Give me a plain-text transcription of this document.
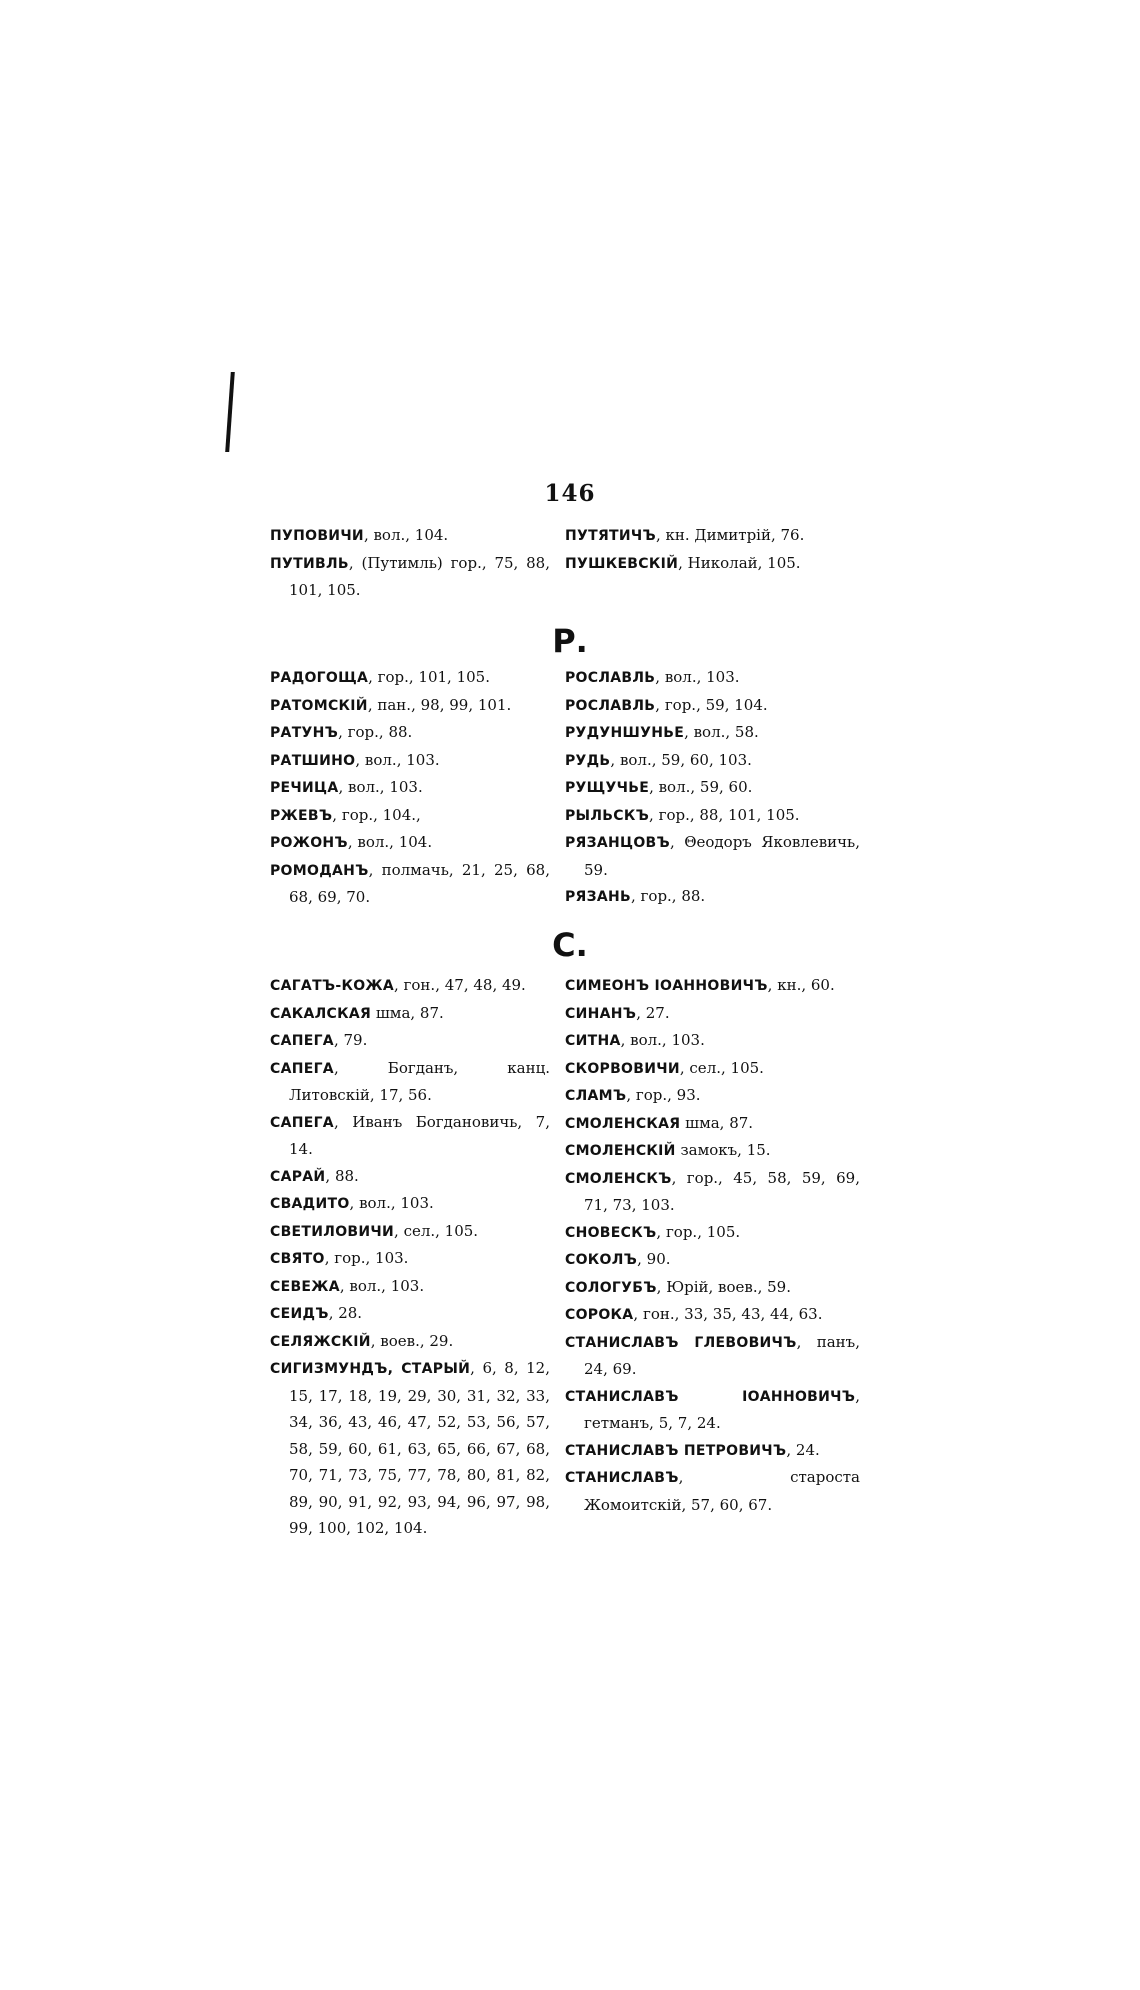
146

ПУПОВИЧИ, вол., 104.

ПУТИВЛЬ, (Путимль) гор., 75, 88, 101, 105.

ПУТЯТИЧЪ, кн. Димитрій, 76.

ПУШКЕВСКІЙ, Николай, 105.

Р.

РАДОГОЩА, гор., 101, 105.

РАТОМСКІЙ, пан., 98, 99, 101.

РАТУНЪ, гор., 88.

РАТШИНО, вол., 103.

РЕЧИЦА, вол., 103.

РЖЕВЪ, гор., 104.,

РОЖОНЪ, вол., 104.

РОМОДАНЪ, полмачь, 21, 25, 68, 68, 69, 70.

РОСЛАВЛЬ, вол., 103.

РОСЛАВЛЬ, гор., 59, 104.

РУДУНШУНЬЕ, вол., 58.

РУДЬ, вол., 59, 60, 103.

РУЩУЧЬЕ, вол., 59, 60.

РЫЛЬСКЪ, гор., 88, 101, 105.

РЯЗАНЦОВЪ, Θеодоръ Яковлевичь, 59.

РЯЗАНЬ, гор., 88.

С.

САГАТЪ-КОЖА, гон., 47, 48, 49.

САКАЛСКАЯ шма, 87.

САПЕГА, 79.

САПЕГА, Богданъ, канц. Литовскій, 17, 56.

САПЕГА, Иванъ Богдановичь, 7, 14.

САРАЙ, 88.

СВАДИТО, вол., 103.

СВЕТИЛОВИЧИ, сел., 105.

СВЯТО, гор., 103.

СЕВЕЖА, вол., 103.

СЕИДЪ, 28.

СЕЛЯЖСКІЙ, воев., 29.

СИГИЗМУНДЪ, СТАРЫЙ, 6, 8, 12, 15, 17, 18, 19, 29, 30, 31, 32, 33, 34, 36, 43, 46, 47, 52, 53, 56, 57, 58, 59, 60, 61, 63, 65, 66, 67, 68, 70, 71, 73, 75, 77, 78, 80, 81, 82, 89, 90, 91, 92, 93, 94, 96, 97, 98, 99, 100, 102, 104.

СИМЕОНЪ ІОАННОВИЧЪ, кн., 60.

СИНАНЪ, 27.

СИТНА, вол., 103.

СКОРВОВИЧИ, сел., 105.

СЛАМЪ, гор., 93.

СМОЛЕНСКАЯ шма, 87.

СМОЛЕНСКІЙ замокъ, 15.

СМОЛЕНСКЪ, гор., 45, 58, 59, 69, 71, 73, 103.

СНОВЕСКЪ, гор., 105.

СОКОЛЪ, 90.

СОЛОГУБЪ, Юрій, воев., 59.

СОРОКА, гон., 33, 35, 43, 44, 63.

СТАНИСЛАВЪ ГЛЕВОВИЧЪ, панъ, 24, 69.

СТАНИСЛАВЪ ІОАННОВИЧЪ, гетманъ, 5, 7, 24.

СТАНИСЛАВЪ ПЕТРОВИЧЪ, 24.

СТАНИСЛАВЪ, староста Жомоитскій, 57, 60, 67.
